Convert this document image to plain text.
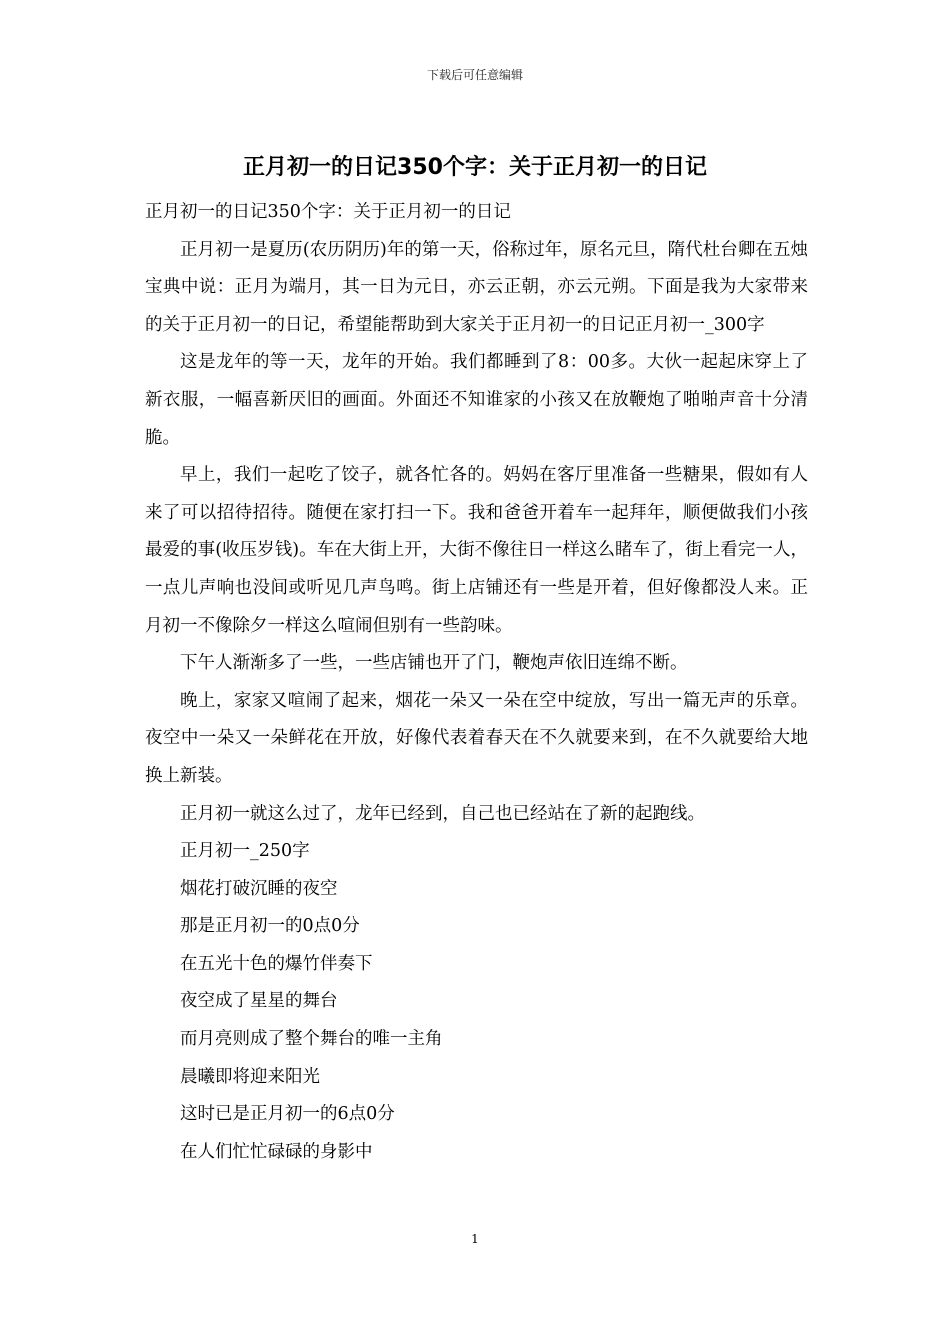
下载后可任意编辑
正月初一的日记350个字：关于正月初一的日记

正月初一的日记350个字：关于正月初一的日记

正月初一是夏历(农历阴历)年的第一天，俗称过年，原名元旦，隋代杜台卿在五烛宝典中说：正月为端月，其一日为元日，亦云正朝，亦云元朔。下面是我为大家带来的关于正月初一的日记，希望能帮助到大家关于正月初一的日记正月初一_300字

这是龙年的等一天，龙年的开始。我们都睡到了8：00多。大伙一起起床穿上了新衣服，一幅喜新厌旧的画面。外面还不知谁家的小孩又在放鞭炮了啪啪声音十分清脆。

早上，我们一起吃了饺子，就各忙各的。妈妈在客厅里准备一些糖果，假如有人来了可以招待招待。随便在家打扫一下。我和爸爸开着车一起拜年，顺便做我们小孩最爱的事(收压岁钱)。车在大街上开，大街不像往日一样这么睹车了，街上看完一人，一点儿声响也没间或听见几声鸟鸣。街上店铺还有一些是开着，但好像都没人来。正月初一不像除夕一样这么喧闹但别有一些韵味。

下午人渐渐多了一些，一些店铺也开了门，鞭炮声依旧连绵不断。

晚上，家家又喧闹了起来，烟花一朵又一朵在空中绽放，写出一篇无声的乐章。夜空中一朵又一朵鲜花在开放，好像代表着春天在不久就要来到，在不久就要给大地换上新装。

正月初一就这么过了，龙年已经到，自己也已经站在了新的起跑线。

正月初一_250字

烟花打破沉睡的夜空

那是正月初一的0点0分

在五光十色的爆竹伴奏下

夜空成了星星的舞台

而月亮则成了整个舞台的唯一主角

晨曦即将迎来阳光

这时已是正月初一的6点0分

在人们忙忙碌碌的身影中

1
